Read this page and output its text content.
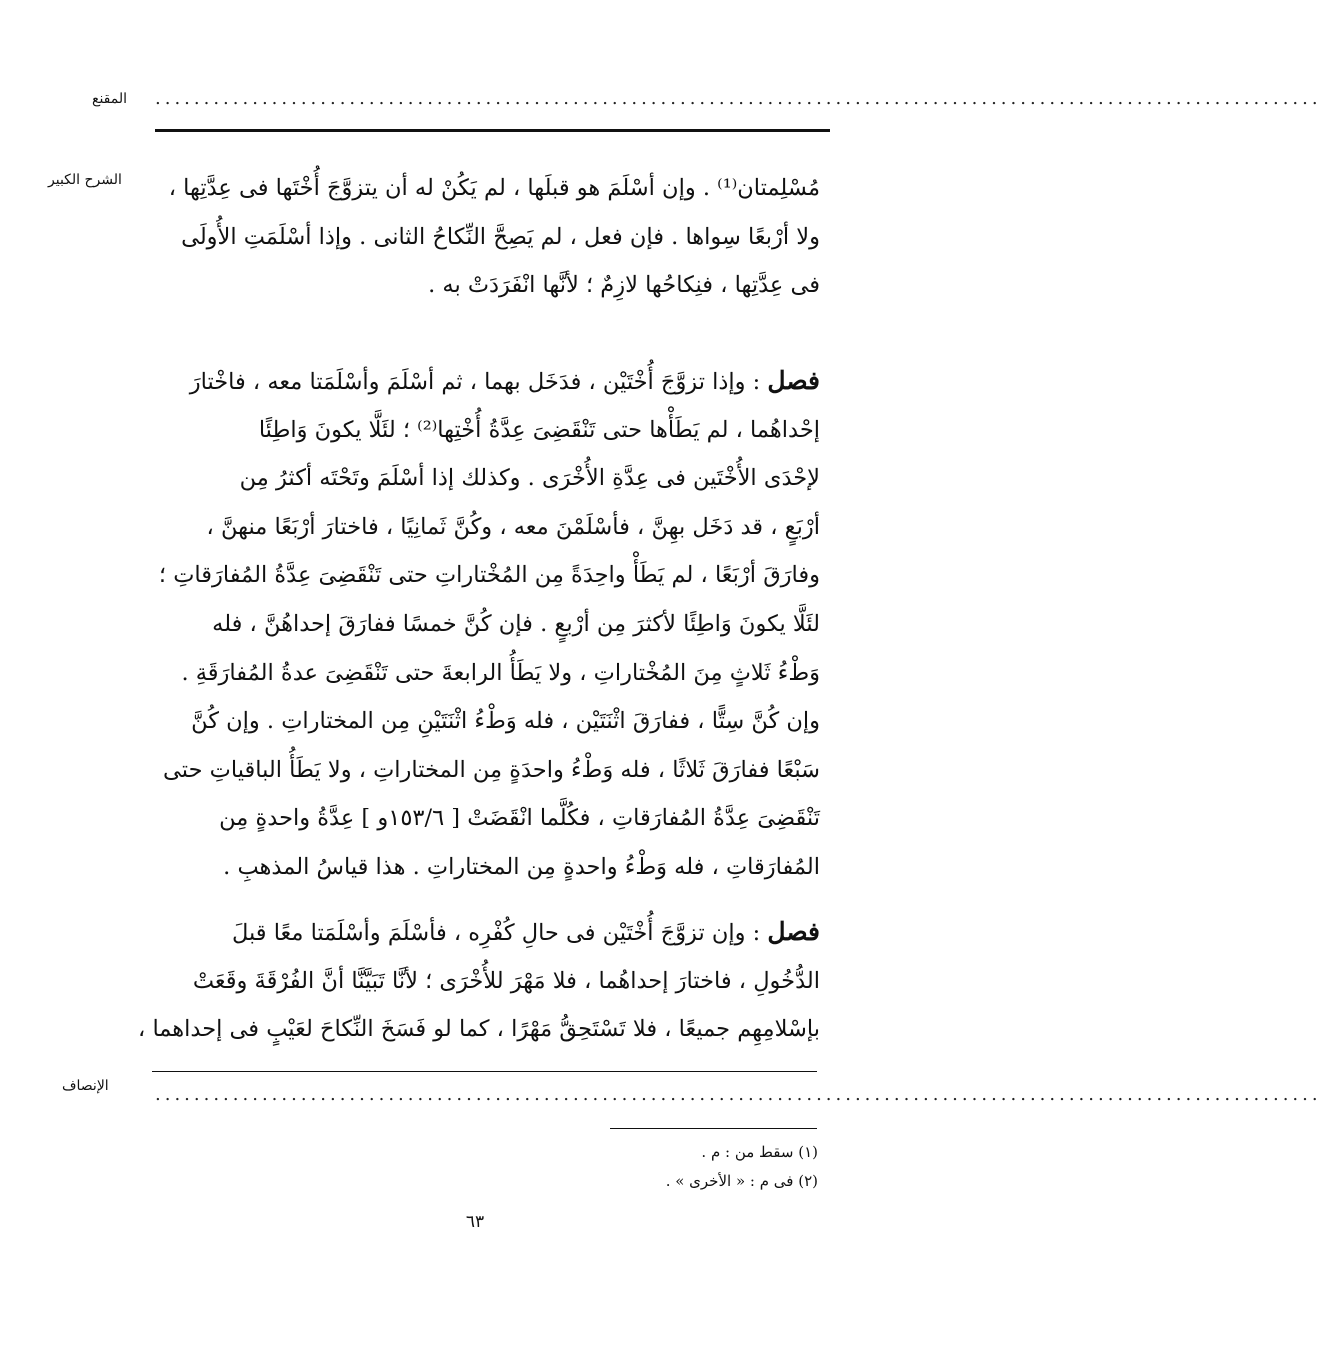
المقنع ........................................................................................................................
الشرح الكبير	مُسْلِمتان⁽¹⁾ . وإن أسْلَمَ هو قبلَها ، لم يَكُنْ له أن يتزوَّجَ أُخْتَها فى عِدَّتِها ،
ولا أرْبعًا سِواها . فإن فعل ، لم يَصِحَّ النِّكاحُ الثانى . وإذا أسْلَمَتِ الأُولَى
فى عِدَّتِها ، فنِكاحُها لازِمٌ ؛ لأنَّها انْفَرَدَتْ به .
فصل : وإذا تزوَّجَ أُخْتَيْن ، فدَخَل بهما ، ثم أسْلَمَ وأسْلَمَتا معه ، فاخْتارَ
إحْداهُما ، لم يَطَأْها حتى تَنْقَضِىَ عِدَّةُ أُخْتِها⁽²⁾ ؛ لئَلَّا يكونَ وَاطِئًا
لإحْدَى الأُخْتَين فى عِدَّةِ الأُخْرَى . وكذلك إذا أسْلَمَ وتَحْتَه أكثرُ مِن
أرْبَعٍ ، قد دَخَل بهِنَّ ، فأسْلَمْنَ معه ، وكُنَّ ثَمانِيًا ، فاختارَ أرْبَعًا منهنَّ ،
وفارَقَ أرْبَعًا ، لم يَطَأْ واحِدَةً مِن المُخْتاراتِ حتى تَنْقَضِىَ عِدَّةُ المُفارَقاتِ ؛
لئَلَّا يكونَ وَاطِئًا لأكثرَ مِن أرْبعٍ . فإن كُنَّ خمسًا ففارَقَ إحداهُنَّ ، فله
وَطْءُ ثَلاثٍ مِنَ المُخْتاراتِ ، ولا يَطَأُ الرابعةَ حتى تَنْقَضِىَ عدةُ المُفارَقَةِ .
وإن كُنَّ سِتًّا ، ففارَقَ اثْنَتَيْن ، فله وَطْءُ اثْنَتَيْنِ مِن المختاراتِ . وإن كُنَّ
سَبْعًا ففارَقَ ثَلاثًا ، فله وَطْءُ واحدَةٍ مِن المختاراتِ ، ولا يَطَأُ الباقياتِ حتى
تَنْقَضِىَ عِدَّةُ المُفارَقاتِ ، فكُلَّما انْقَضَتْ [ ١٥٣/٦و ] عِدَّةُ واحدةٍ مِن
المُفارَقاتِ ، فله وَطْءُ واحدةٍ مِن المختاراتِ . هذا قياسُ المذهبِ .
فصل : وإن تزوَّجَ أُخْتَيْن فى حالِ كُفْرِه ، فأسْلَمَ وأسْلَمَتا معًا قبلَ
الدُّخُولِ ، فاختارَ إحداهُما ، فلا مَهْرَ للأُخْرَى ؛ لأنَّا تَبَيَّنَّا أنَّ الفُرْقَةَ وقَعَتْ
بإسْلامِهِم جميعًا ، فلا تَسْتَحِقُّ مَهْرًا ، كما لو فَسَخَ النِّكاحَ لعَيْبٍ فى إحداهما ،
الإنصاف	........................................................................................................................
(١) سقط من : م .
(٢) فى م : « الأخرى » .
٦٣
